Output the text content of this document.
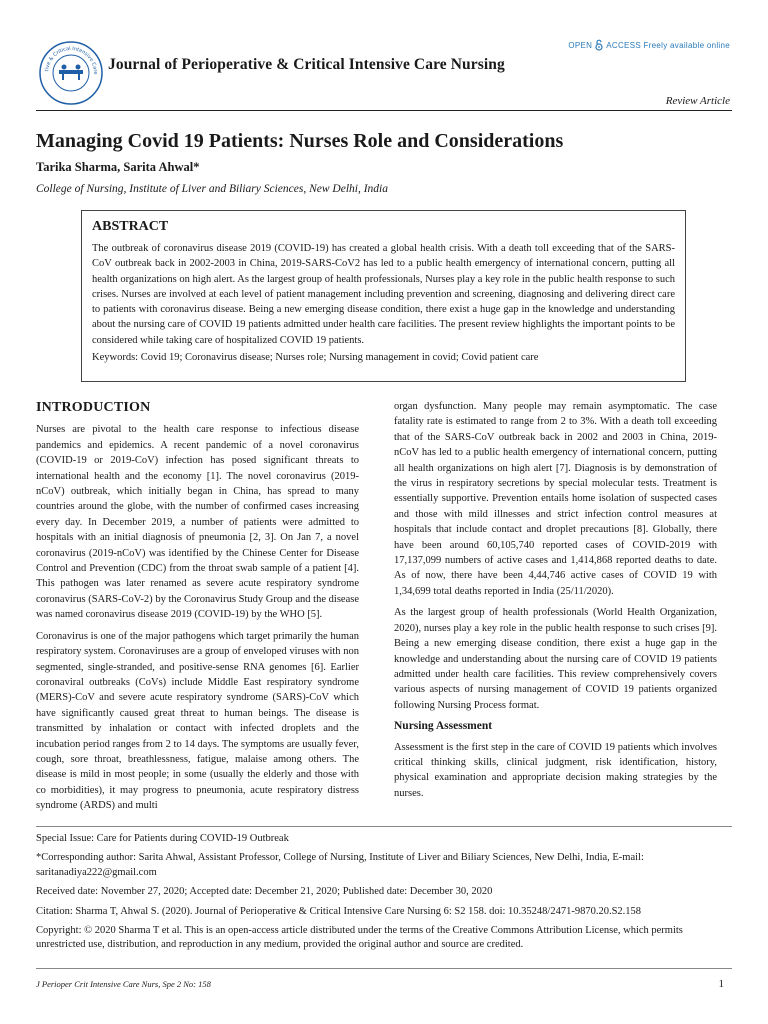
tive & Critical Intensive Care Journal of Perioperative & Critical Intensive Care Nursing
OPEN ACCESS Freely available online
Review Article
Managing Covid 19 Patients: Nurses Role and Considerations
Tarika Sharma, Sarita Ahwal*
College of Nursing, Institute of Liver and Biliary Sciences, New Delhi, India
ABSTRACT

The outbreak of coronavirus disease 2019 (COVID-19) has created a global health crisis. With a death toll exceeding that of the SARS-CoV outbreak back in 2002-2003 in China, 2019-SARS-CoV2 has led to a public health emergency of international concern, putting all health organizations on high alert. As the largest group of health professionals, Nurses play a key role in the public health response to such crises. Nurses are involved at each level of patient management including prevention and screening, diagnosing and delivering direct care to patients with coronavirus disease. Being a new emerging disease condition, there exist a huge gap in the knowledge and understanding about the nursing care of COVID 19 patients admitted under health care facilities. The present review highlights the important points to be considered while taking care of hospitalized COVID 19 patients.

Keywords: Covid 19; Coronavirus disease; Nurses role; Nursing management in covid; Covid patient care

INTRODUCTION

Nurses are pivotal to the health care response to infectious disease pandemics and epidemics. A recent pandemic of a novel coronavirus (COVID-19 or 2019-CoV) infection has posed significant threats to international health and the economy [1]. The novel coronavirus (2019-nCoV) outbreak, which initially began in China, has spread to many countries around the globe, with the number of confirmed cases increasing every day. In December 2019, a number of patients were admitted to hospitals with an initial diagnosis of pneumonia [2, 3]. On Jan 7, a novel coronavirus (2019-nCoV) was identified by the Chinese Center for Disease Control and Prevention (CDC) from the throat swab sample of a patient [4]. This pathogen was later renamed as severe acute respiratory syndrome coronavirus (SARS-CoV-2) by the Coronavirus Study Group and the disease was named coronavirus disease 2019 (COVID-19) by the WHO [5].

Coronavirus is one of the major pathogens which target primarily the human respiratory system. Coronaviruses are a group of enveloped viruses with non segmented, single-stranded, and positive-sense RNA genomes [6]. Earlier coronaviral outbreaks (CoVs) include Middle East respiratory syndrome (MERS)-CoV and severe acute respiratory syndrome (SARS)-CoV which have significantly caused great threat to human beings. The disease is transmitted by inhalation or contact with infected droplets and the incubation period ranges from 2 to 14 days. The symptoms are usually fever, cough, sore throat, breathlessness, fatigue, malaise among others. The disease is mild in most people; in some (usually the elderly and those with co morbidities), it may progress to pneumonia, acute respiratory distress syndrome (ARDS) and multi

organ dysfunction. Many people may remain asymptomatic. The case fatality rate is estimated to range from 2 to 3%. With a death toll exceeding that of the SARS-CoV outbreak back in 2002 and 2003 in China, 2019-nCoV has led to a public health emergency of international concern, putting all health organizations on high alert [7]. Diagnosis is by demonstration of the virus in respiratory secretions by special molecular tests. Treatment is essentially supportive. Prevention entails home isolation of suspected cases and those with mild illnesses and strict infection control measures at hospitals that include contact and droplet precautions [8]. Globally, there have been around 60,105,740 reported cases of COVID-2019 with 17,137,099 numbers of active cases and 1,414,868 reported deaths to date. As of now, there have been 4,44,746 active cases of COVID 19 with 1,34,699 total deaths reported in India (25/11/2020).

As the largest group of health professionals (World Health Organization, 2020), nurses play a key role in the public health response to such crises [9]. Being a new emerging disease condition, there exist a huge gap in the knowledge and understanding about the nursing care of COVID 19 patients admitted under health care facilities. This review comprehensively covers various aspects of nursing management of COVID 19 patients organized following Nursing Process format.

Nursing Assessment

Assessment is the first step in the care of COVID 19 patients which involves critical thinking skills, clinical judgment, risk identification, history, physical examination and appropriate decision making strategies by the nurses.

Special Issue: Care for Patients during COVID-19 Outbreak

*Corresponding author: Sarita Ahwal, Assistant Professor, College of Nursing, Institute of Liver and Biliary Sciences, New Delhi, India, E-mail: saritanadiya222@gmail.com

Received date: November 27, 2020; Accepted date: December 21, 2020; Published date: December 30, 2020

Citation: Sharma T, Ahwal S. (2020). Journal of Perioperative & Critical Intensive Care Nursing 6: S2 158. doi: 10.35248/2471-9870.20.S2.158

Copyright: © 2020 Sharma T et al. This is an open-access article distributed under the terms of the Creative Commons Attribution License, which permits unrestricted use, distribution, and reproduction in any medium, provided the original author and source are credited.

J Perioper Crit Intensive Care Nurs, Spe 2 No: 158	1
